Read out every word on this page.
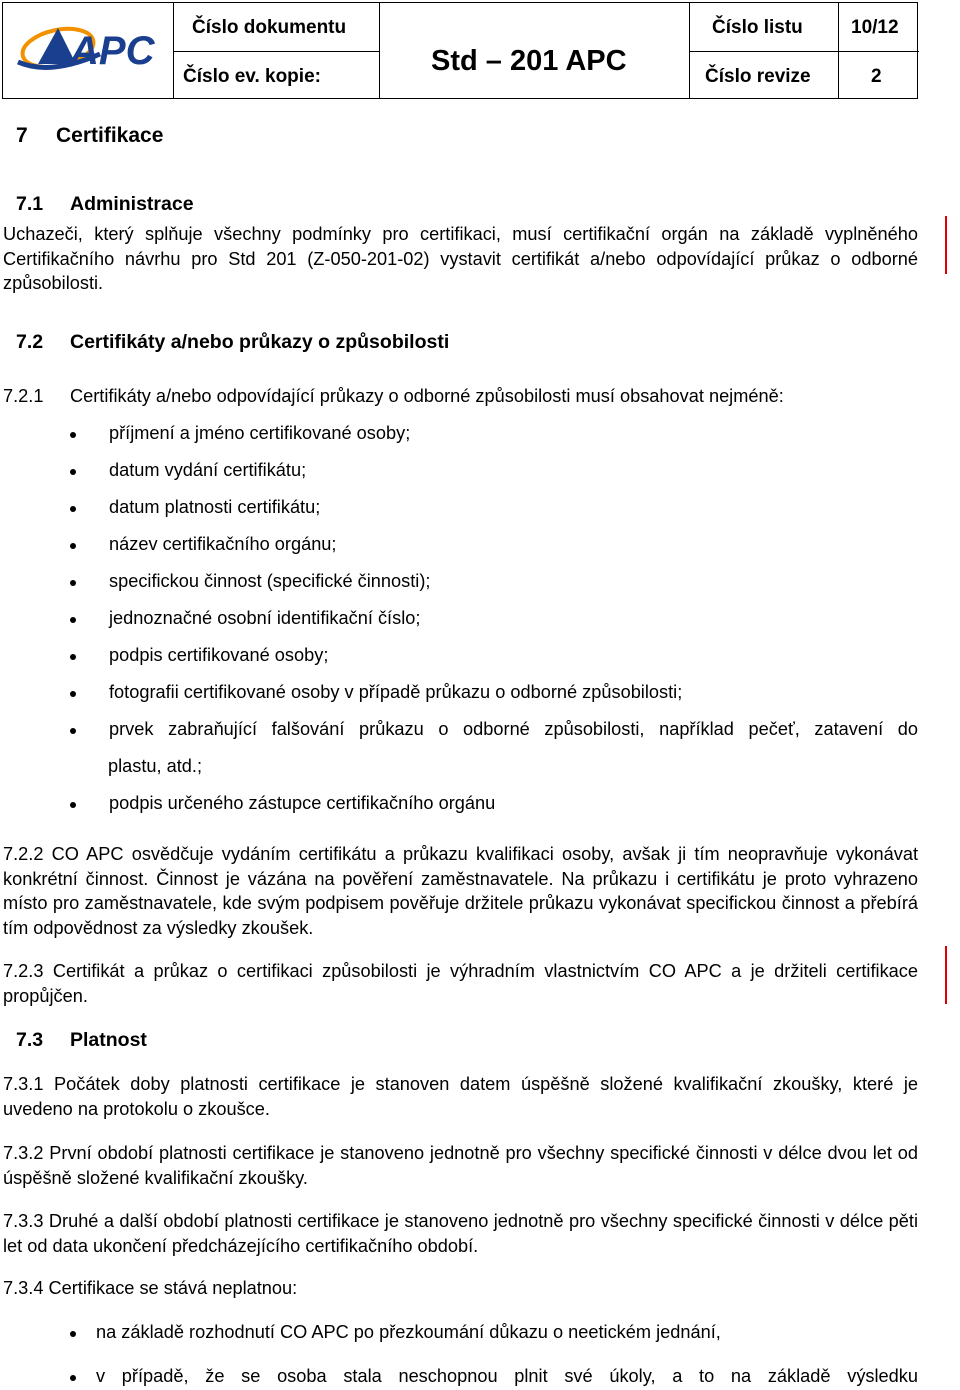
Číslo dokumentu
Číslo ev. kopie:	Std – 201 APC
Číslo listu	10/12
Číslo revize	2
APC
7 Certifikace
7.1 Administrace
Uchazeči, který splňuje všechny podmínky pro certifikaci, musí certifikační orgán na základě vyplněného Certifikačního návrhu pro Std 201 (Z-050-201-02) vystavit certifikát a/nebo odpovídající průkaz o odborné způsobilosti.
7.2 Certifikáty a/nebo průkazy o způsobilosti
7.2.1 Certifikáty a/nebo odpovídající průkazy o odborné způsobilosti musí obsahovat nejméně:
příjmení a jméno certifikované osoby;
datum vydání certifikátu;
datum platnosti certifikátu;
název certifikačního orgánu;
specifickou činnost (specifické činnosti);
jednoznačné osobní identifikační číslo;
podpis certifikované osoby;
fotografii certifikované osoby v případě průkazu o odborné způsobilosti;
prvek zabraňující falšování průkazu o odborné způsobilosti, například pečeť, zatavení do
plastu, atd.;
podpis určeného zástupce certifikačního orgánu
7.2.2 CO APC osvědčuje vydáním certifikátu a průkazu kvalifikaci osoby, avšak ji tím neopravňuje vykonávat konkrétní činnost. Činnost je vázána na pověření zaměstnavatele. Na průkazu i certifikátu je proto vyhrazeno místo pro zaměstnavatele, kde svým podpisem pověřuje držitele průkazu vykonávat specifickou činnost a přebírá tím odpovědnost za výsledky zkoušek.
7.2.3 Certifikát a průkaz o certifikaci způsobilosti je výhradním vlastnictvím CO APC a je držiteli certifikace propůjčen.
7.3 Platnost
7.3.1 Počátek doby platnosti certifikace je stanoven datem úspěšně složené kvalifikační zkoušky, které je uvedeno na protokolu o zkoušce.
7.3.2 První období platnosti certifikace je stanoveno jednotně pro všechny specifické činnosti v délce dvou let od úspěšně složené kvalifikační zkoušky.
7.3.3 Druhé a další období platnosti certifikace je stanoveno jednotně pro všechny specifické činnosti v délce pěti let od data ukončení předcházejícího certifikačního období.
7.3.4 Certifikace se stává neplatnou:
na základě rozhodnutí CO APC po přezkoumání důkazu o neetickém jednání,
v případě, že se osoba stala neschopnou plnit své úkoly, a to na základě výsledku
